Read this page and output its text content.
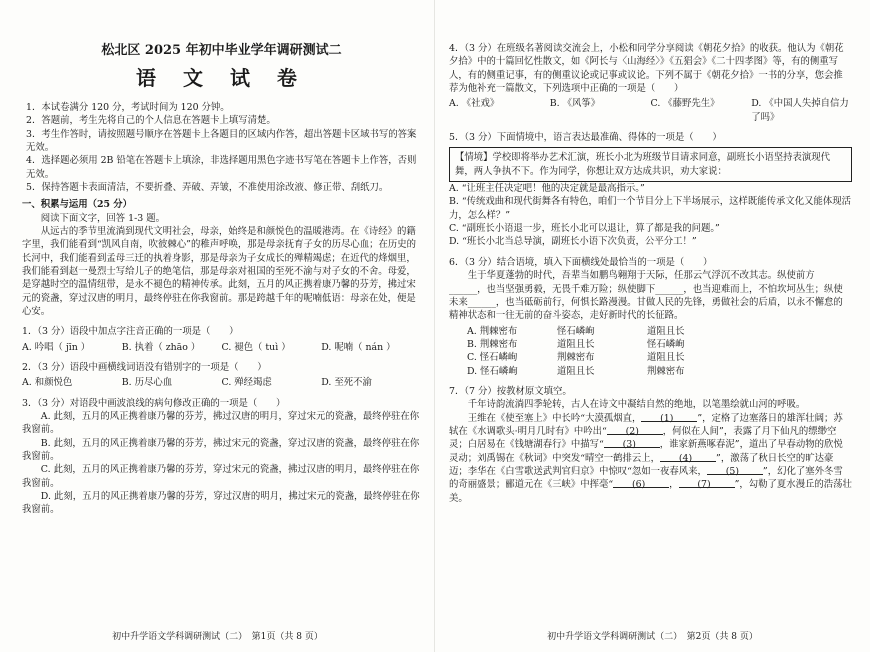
松北区 2025 年初中毕业学年调研测试二
语 文 试 卷

1．本试卷满分 120 分，考试时间为 120 分钟。

2．答题前，考生先将自己的个人信息在答题卡上填写清楚。

3．考生作答时，请按照题号顺序在答题卡上各题目的区域内作答，超出答题卡区域书写的答案无效。

4．选择题必须用 2B 铅笔在答题卡上填涂，非选择题用黑色字迹书写笔在答题卡上作答，否则无效。

5．保持答题卡表面清洁，不要折叠、弄破、弄皱，不准使用涂改液、修正带、刮纸刀。

一、积累与运用（25 分）

阅读下面文字，回答 1-3 题。

从远古的季节里流淌到现代文明社会，母亲，始终是和颜悦色的温暖港湾。在《诗经》的籍字里，我们能看到“凯风自南，吹彼棘心”的稚声呼唤，那是母亲抚育子女的历尽心血；在历史的长河中，我们能看到孟母三迁的执着身影，那是母亲为子女成长的殚精竭虑；在近代的烽烟里，我们能看到赵一曼烈士写给儿子的绝笔信，那是母亲对祖国的至死不渝与对子女的不舍。母爱，是穿越时空的温情纽带，是永不褪色的精神传承。此刻，五月的风正携着康乃馨的芬芳，拂过宋元的瓷盏，穿过汉唐的明月，最终停驻在你我窗前。那是跨越千年的呢喃低语：母亲在处，便是心安。

1．（3 分）语段中加点字注音正确的一项是（　　）

A. 吟唱（ jīn ）	B. 执着（ zhāo ）	C. 褪色（ tuì ）	D. 呢喃（ nán ）

2．（3 分）语段中画横线词语没有错别字的一项是（　　）

A. 和颜悦色	B. 历尽心血	C. 殚经竭虑	D. 至死不渝

3．（3 分）对语段中画波浪线的病句修改正确的一项是（　　）

A. 此刻，五月的风正携着康乃馨的芬芳，拂过汉唐的明月，穿过宋元的瓷盏，最终停驻在你我窗前。

B. 此刻，五月的风正携着康乃馨的芬芳，拂过宋元的瓷盏，穿过汉唐的瓷盏，最终停驻在你我窗前。

C. 此刻，五月的风正携着康乃馨的芬芳，穿过宋元的瓷盏，拂过汉唐的明月，最终停驻在你我窗前。

D. 此刻，五月的风正携着康乃馨的芬芳，穿过汉唐的明月，拂过宋元的瓷盏，最终停驻在你我窗前。

初中升学语文学科调研测试（二）　第1页（共 8 页）

4．（3 分）在班级名著阅读交流会上，小松和同学分享阅读《朝花夕拾》的收获。他认为《朝花夕拾》中的十篇回忆性散文，如《阿长与〈山海经〉》《五猖会》《二十四孝图》等，有的侧重写人，有的侧重记事，有的侧重议论或记事或议论。下列不属于《朝花夕拾》一书的分享，您会推荐为他补充一篇散文，下列选项中正确的一项是（　　）

A. 《社戏》	B. 《风筝》	C. 《藤野先生》	D. 《中国人失掉自信力了吗》

5．（3 分）下面情境中，语言表达最准确、得体的一项是（　　）

【情境】学校即将举办艺术汇演，班长小北为班级节目请求同意，副班长小语坚持表演现代舞，两人争执不下。作为同学，你想让双方达成共识，劝大家说：

A. “让班主任决定吧！他的决定就是最高指示。”

B. “传统戏曲和现代街舞各有特色，咱们一个节目分上下半场展示，这样既能传承文化又能体现活力，怎么样？”

C. “副班长小语退一步，班长小北可以退让，算了都是我的问题。”

D. “班长小北当总导演，副班长小语下次负责，公平分工！”

6．（3 分）结合语境，填入下面横线处最恰当的一项是（　　）

生于华夏蓬勃的时代，吾辈当如鹏鸟翱翔于天际，任那云气浮沉不改其志。纵使前方______，也当坚强勇毅，无畏千难万险；纵使脚下______，也当迎难而上，不怕坎坷丛生；纵使未来______，也当砥砺前行，何惧长路漫漫。甘做人民的先锋，勇做社会的后盾，以永不懈怠的精神状态和一往无前的奋斗姿态，走好新时代的长征路。

A. 荆棘密布	怪石嶙峋	道阻且长
B. 荆棘密布	道阻且长	怪石嶙峋
C. 怪石嶙峋	荆棘密布	道阻且长
D. 怪石嶙峋	道阻且长	荆棘密布

7．（7 分）按教材原文填空。

千年诗韵流淌四季轮转，古人在诗文中凝结自然的绝地，以笔墨绘就山河的呼吸。

王维在《使至塞上》中长吟“大漠孤烟直， (1)	”，定格了边塞落日的雄浑壮阔；苏轼在《水调歌头·明月几时有》中吟出“ (2)	，何似在人间”，表露了月下仙凡的缥缈空灵；白居易在《钱塘湖春行》中描写“ (3)	，谁家新燕啄春泥”，道出了早春动物的欣悦灵动；刘禹锡在《秋词》中突发“晴空一鹤排云上， (4)	”，激荡了秋日长空的旷达豪迈；李华在《白雪歌送武判官归京》中惊叹“忽如一夜春风来， (5)	”，幻化了塞外冬雪的奇丽盛景；郦道元在《三峡》中挥毫“ (6)	， (7)	”，勾勒了夏水漫丘的浩荡壮美。

初中升学语文学科调研测试（二）　第2页（共 8 页）
